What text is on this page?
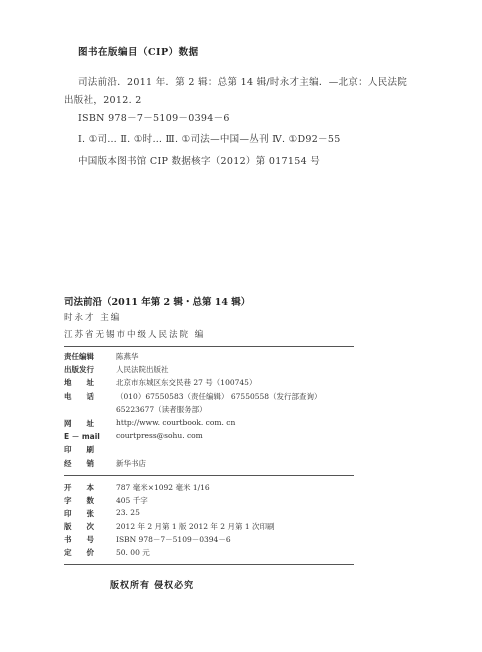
图书在版编目（CIP）数据
司法前沿．2011 年．第 2 辑：总第 14 辑/时永才主编．—北京：人民法院
出版社，2012. 2
ISBN 978－7－5109－0394－6
Ⅰ. ①司… Ⅱ. ①时… Ⅲ. ①司法—中国—丛刊 Ⅳ. ①D92－55
中国版本图书馆 CIP 数据核字（2012）第 017154 号
司法前沿（2011 年第 2 辑・总第 14 辑）
时永才 主编
江苏省无锡市中级人民法院 编
责任编辑	陈燕华
出版发行	人民法院出版社
地　　址	北京市东城区东交民巷 27 号（100745）
电　　话	（010）67550583（责任编辑） 67550558（发行部查询）
65223677（读者服务部）
网　　址	http://www. courtbook. com. cn
E － mail	courtpress@sohu. com
印　　刷
经　　销	新华书店
开　　本	787 毫米×1092 毫米 1/16
字　　数	405 千字
印　　张	23. 25
版　　次	2012 年 2 月第 1 版 2012 年 2 月第 1 次印刷
书　　号	ISBN 978－7－5109－0394－6
定　　价	50. 00 元
版权所有 侵权必究
